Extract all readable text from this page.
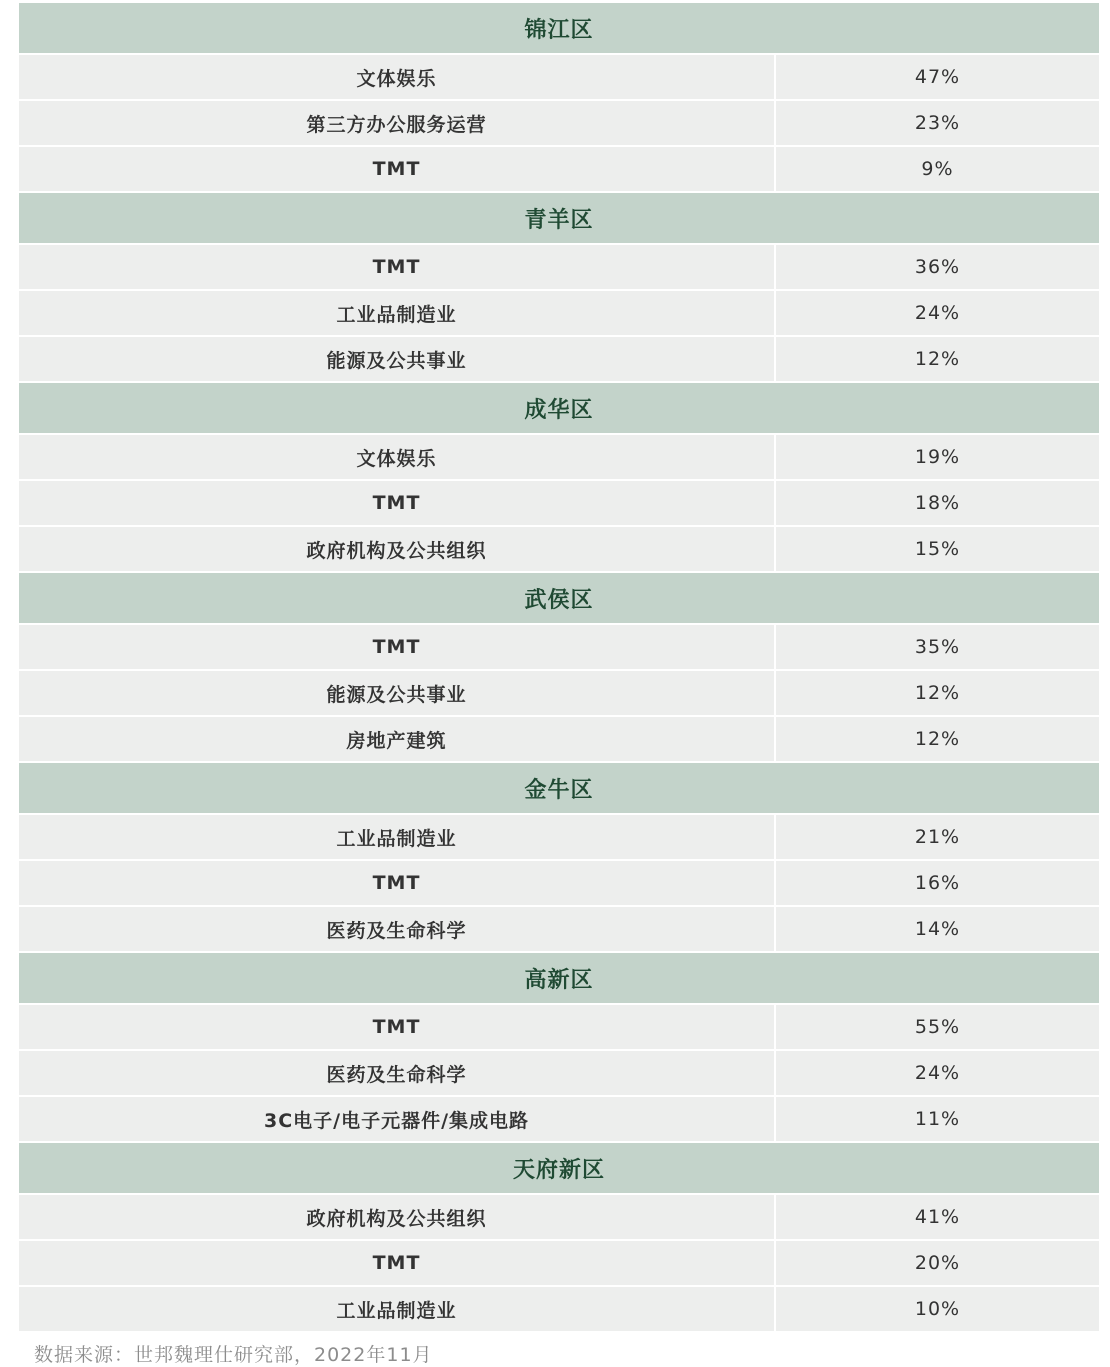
锦江区
文体娱乐	47%
第三方办公服务运营	23%
TMT	9%
青羊区
TMT	36%
工业品制造业	24%
能源及公共事业	12%
成华区
文体娱乐	19%
TMT	18%
政府机构及公共组织	15%
武侯区
TMT	35%
能源及公共事业	12%
房地产建筑	12%
金牛区
工业品制造业	21%
TMT	16%
医药及生命科学	14%
高新区
TMT	55%
医药及生命科学	24%
3C电子/电子元器件/集成电路	11%
天府新区
政府机构及公共组织	41%
TMT	20%
工业品制造业	10%
数据来源：世邦魏理仕研究部，2022年11月
